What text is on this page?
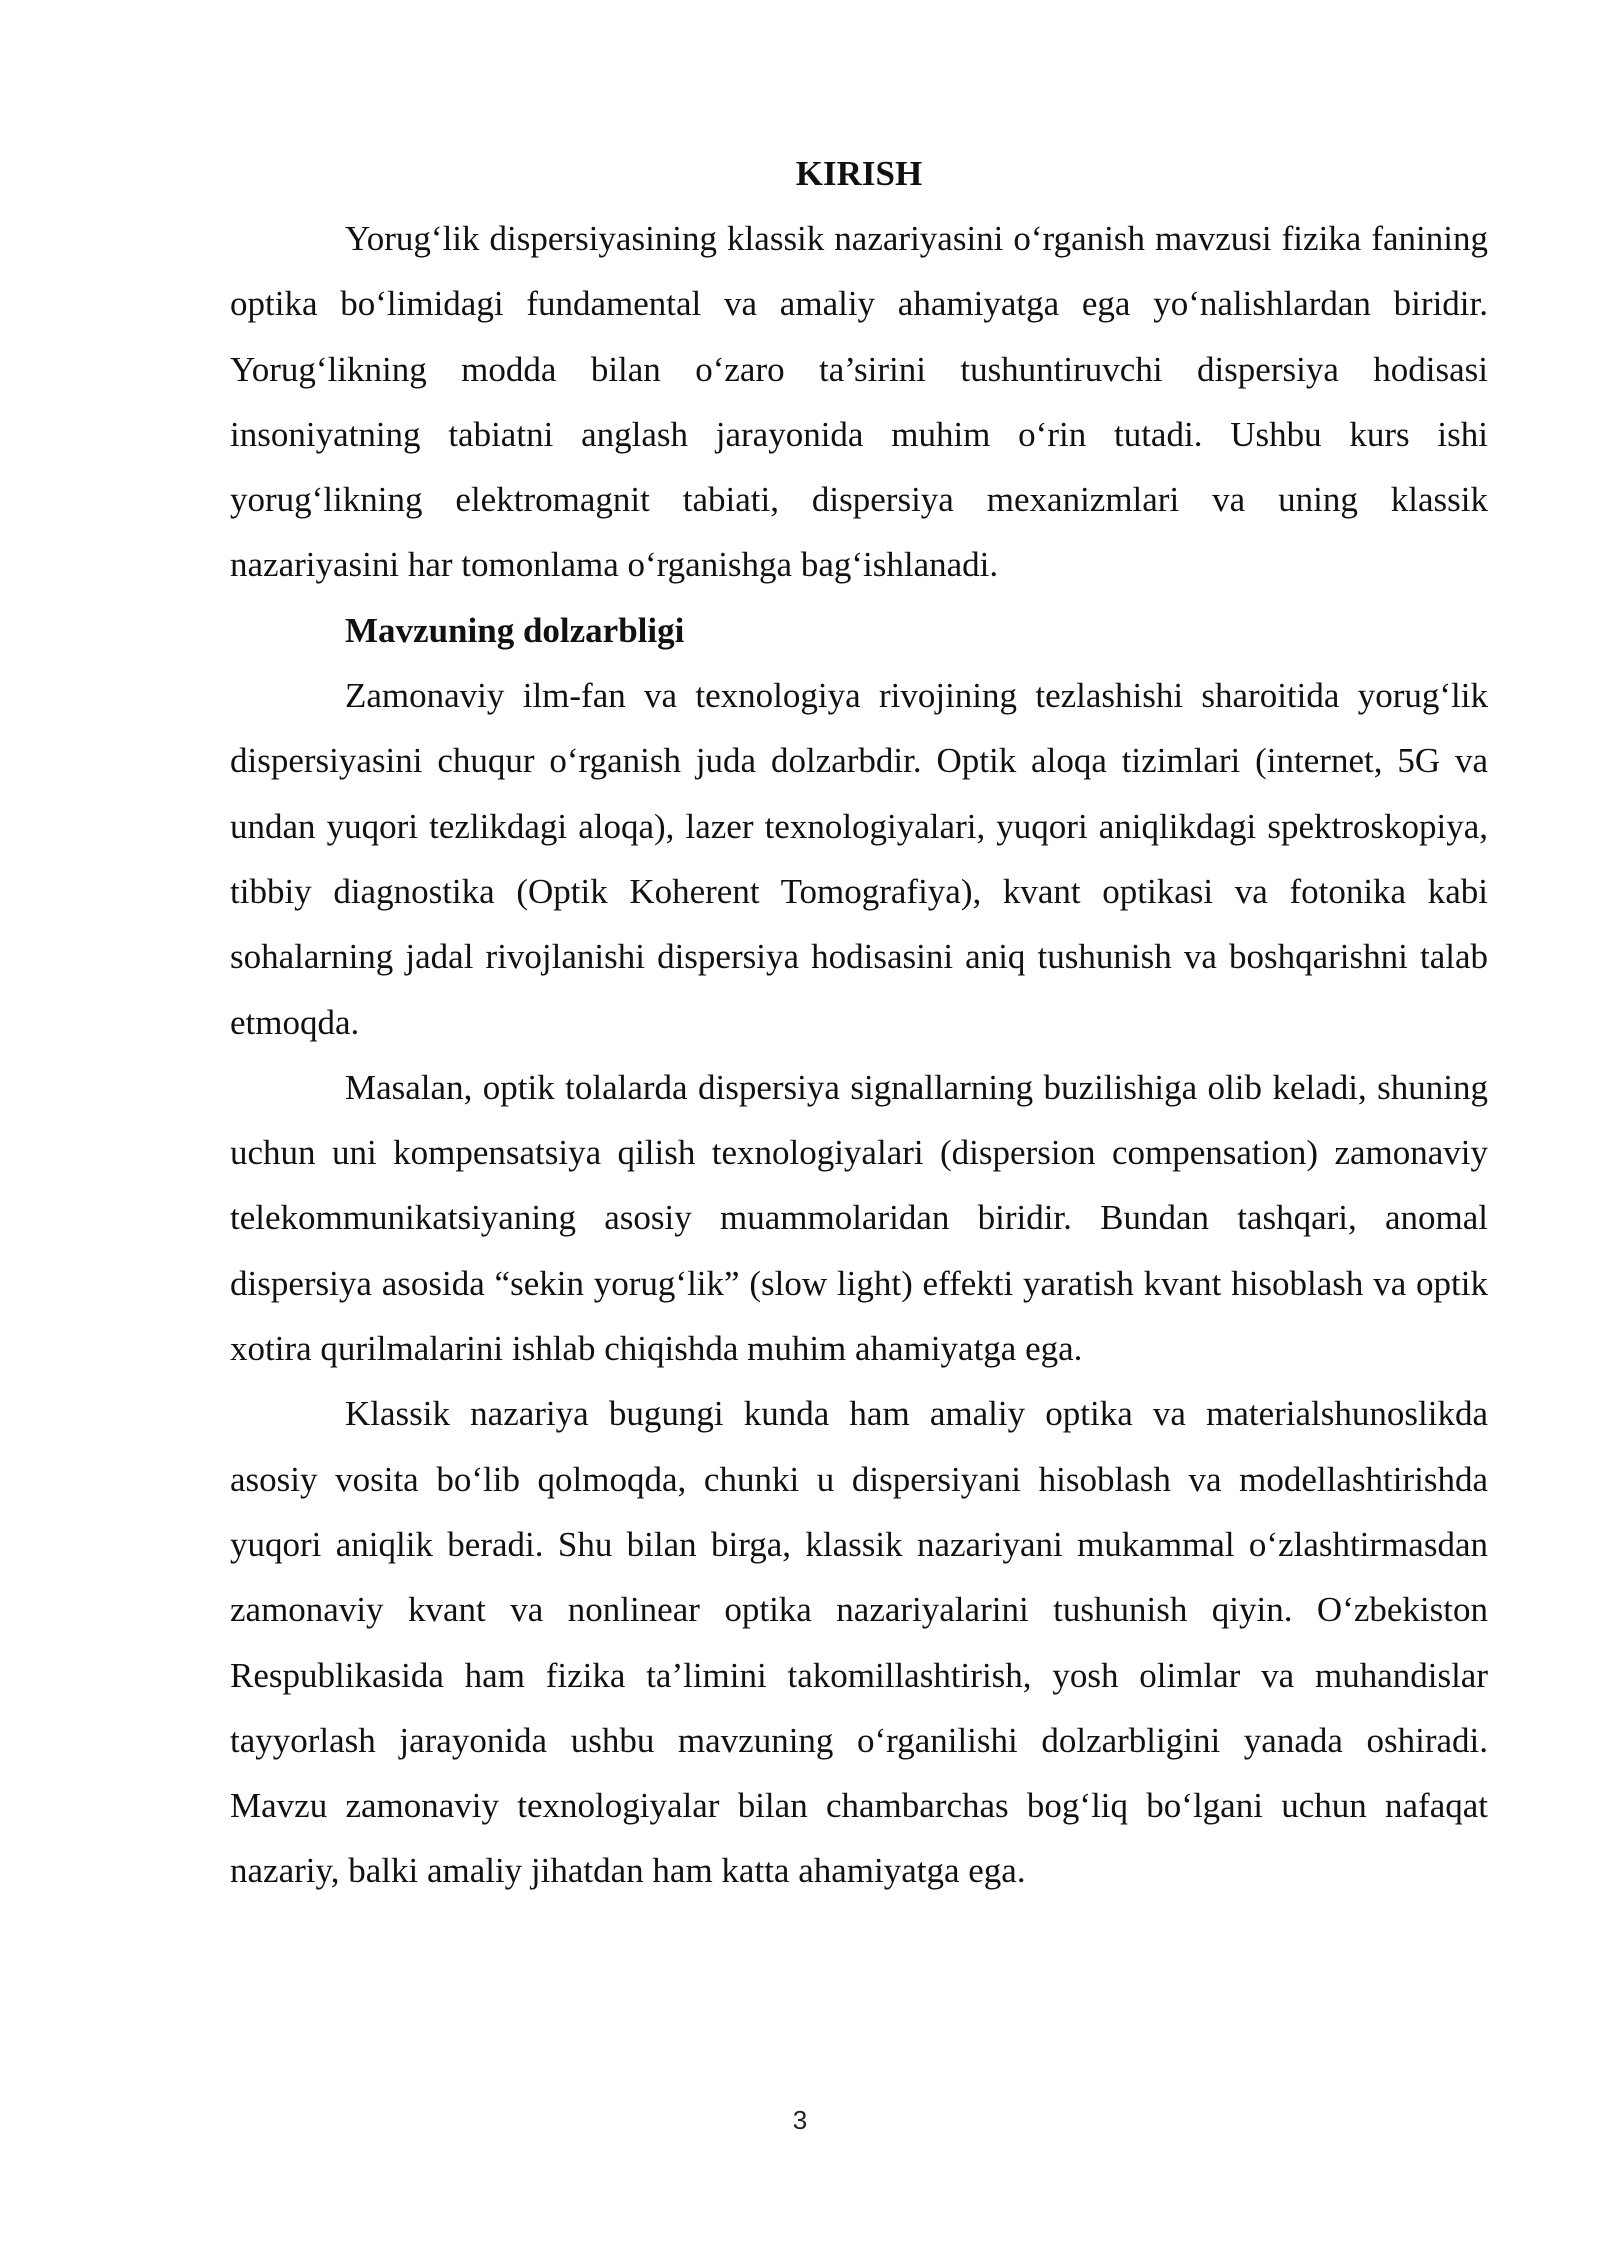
KIRISH

Yorug‘lik dispersiyasining klassik nazariyasini o‘rganish mavzusi fizika fanining optika bo‘limidagi fundamental va amaliy ahamiyatga ega yo‘nalishlardan biridir. Yorug‘likning modda bilan o‘zaro ta’sirini tushuntiruvchi dispersiya hodisasi insoniyatning tabiatni anglash jarayonida muhim o‘rin tutadi. Ushbu kurs ishi yorug‘likning elektromagnit tabiati, dispersiya mexanizmlari va uning klassik nazariyasini har tomonlama o‘rganishga bag‘ishlanadi.

Mavzuning dolzarbligi

Zamonaviy ilm-fan va texnologiya rivojining tezlashishi sharoitida yorug‘lik dispersiyasini chuqur o‘rganish juda dolzarbdir. Optik aloqa tizimlari (internet, 5G va undan yuqori tezlikdagi aloqa), lazer texnologiyalari, yuqori aniqlikdagi spektroskopiya, tibbiy diagnostika (Optik Koherent Tomografiya), kvant optikasi va fotonika kabi sohalarning jadal rivojlanishi dispersiya hodisasini aniq tushunish va boshqarishni talab etmoqda.

Masalan, optik tolalarda dispersiya signallarning buzilishiga olib keladi, shuning uchun uni kompensatsiya qilish texnologiyalari (dispersion compensation) zamonaviy telekommunikatsiyaning asosiy muammolaridan biridir. Bundan tashqari, anomal dispersiya asosida “sekin yorug‘lik” (slow light) effekti yaratish kvant hisoblash va optik xotira qurilmalarini ishlab chiqishda muhim ahamiyatga ega.

Klassik nazariya bugungi kunda ham amaliy optika va materialshunoslikda asosiy vosita bo‘lib qolmoqda, chunki u dispersiyani hisoblash va modellashtirishda yuqori aniqlik beradi. Shu bilan birga, klassik nazariyani mukammal o‘zlashtirmasdan zamonaviy kvant va nonlinear optika nazariyalarini tushunish qiyin. O‘zbekiston Respublikasida ham fizika ta’limini takomillashtirish, yosh olimlar va muhandislar tayyorlash jarayonida ushbu mavzuning o‘rganilishi dolzarbligini yanada oshiradi. Mavzu zamonaviy texnologiyalar bilan chambarchas bog‘liq bo‘lgani uchun nafaqat nazariy, balki amaliy jihatdan ham katta ahamiyatga ega.

3
